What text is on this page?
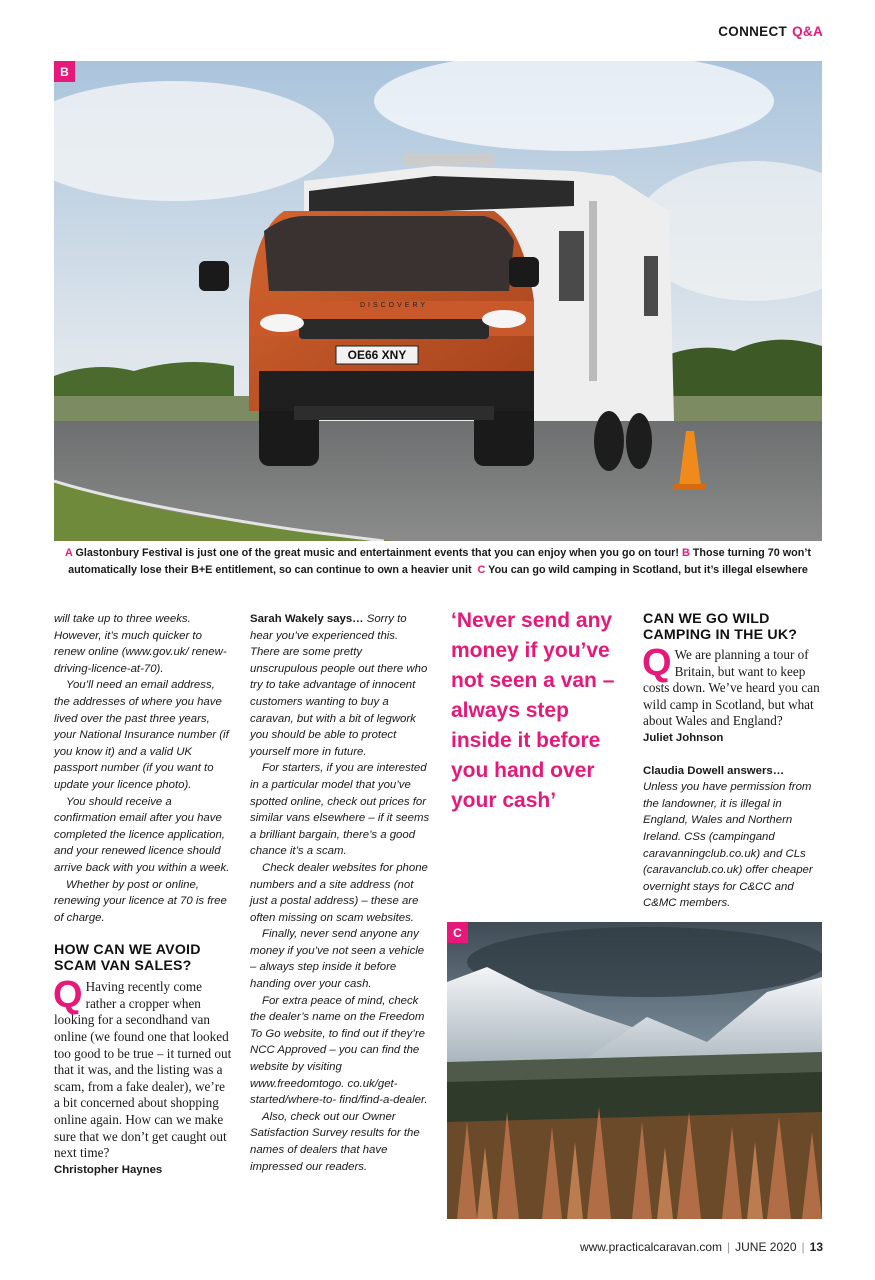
CONNECT Q&A
OE66 XNY
DISCOVERY
B
A Glastonbury Festival is just one of the great music and entertainment events that you can enjoy when you go on tour! B Those turning 70 won’t automatically lose their B+E entitlement, so can continue to own a heavier unit C You can go wild camping in Scotland, but it’s illegal elsewhere

will take up to three weeks. However, it’s much quicker to renew online (www.gov.uk/ renew-driving-licence-at-70).

You’ll need an email address, the addresses of where you have lived over the past three years, your National Insurance number (if you know it) and a valid UK passport number (if you want to update your licence photo).

You should receive a confirmation email after you have completed the licence application, and your renewed licence should arrive back with you within a week.

Whether by post or online, renewing your licence at 70 is free of charge.

HOW CAN WE AVOID SCAM VAN SALES?
Q Having recently come rather a cropper when looking for a secondhand van online (we found one that looked too good to be true – it turned out that it was, and the listing was a scam, from a fake dealer), we’re a bit concerned about shopping online again. How can we make sure that we don’t get caught out next time?
Christopher Haynes

Sarah Wakely says… Sorry to hear you’ve experienced this. There are some pretty unscrupulous people out there who try to take advantage of innocent customers wanting to buy a caravan, but with a bit of legwork you should be able to protect yourself more in future.

For starters, if you are interested in a particular model that you’ve spotted online, check out prices for similar vans elsewhere – if it seems a brilliant bargain, there’s a good chance it’s a scam.

Check dealer websites for phone numbers and a site address (not just a postal address) – these are often missing on scam websites.

Finally, never send anyone any money if you’ve not seen a vehicle – always step inside it before handing over your cash.

For extra peace of mind, check the dealer’s name on the Freedom To Go website, to find out if they’re NCC Approved – you can find the website by visiting www.freedomtogo. co.uk/get-started/where-to- find/find-a-dealer.

Also, check out our Owner Satisfaction Survey results for the names of dealers that have impressed our readers.

‘Never send any money if you’ve not seen a van – always step inside it before you hand over your cash’
CAN WE GO WILD CAMPING IN THE UK?
Q We are planning a tour of Britain, but want to keep costs down. We’ve heard you can wild camp in Scotland, but what about Wales and England?
Juliet Johnson
Claudia Dowell answers…

Unless you have permission from the landowner, it is illegal in England, Wales and Northern Ireland. CSs (campingand caravanningclub.co.uk) and CLs (caravanclub.co.uk) offer cheaper overnight stays for C&CC and C&MC members.

C
www.practicalcaravan.com | JUNE 2020 | 13
